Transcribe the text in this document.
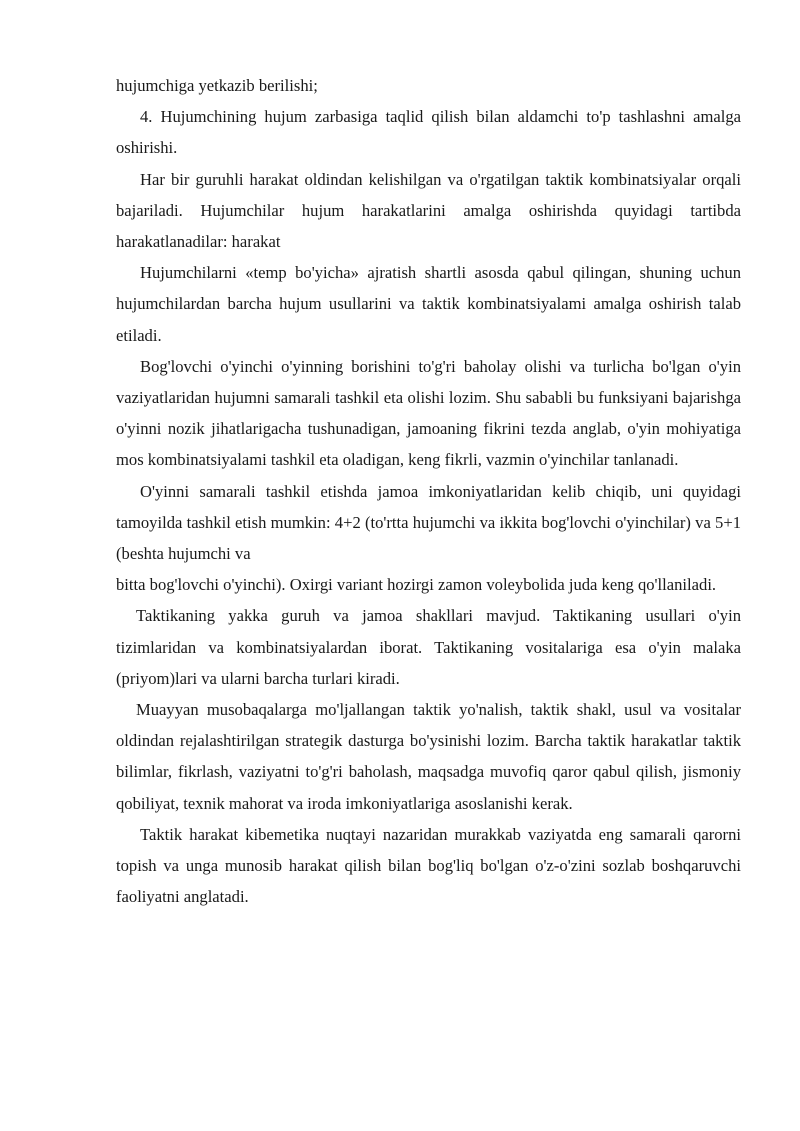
hujumchiga yetkazib berilishi;

4. Hujumchining hujum zarbasiga taqlid qilish bilan aldamchi to'p tashlashni amalga oshirishi.

Har bir guruhli harakat oldindan kelishilgan va o'rgatilgan taktik kombinatsiyalar orqali bajariladi. Hujumchilar hujum harakatlarini amalga oshirishda quyidagi tartibda harakatlanadilar: harakat

Hujumchilarni «temp bo'yicha» ajratish shartli asosda qabul qilingan, shuning uchun hujumchilardan barcha hujum usullarini va taktik kombinatsiyalami amalga oshirish talab etiladi.

Bog'lovchi o'yinchi o'yinning borishini to'g'ri baholay olishi va turlicha bo'lgan o'yin vaziyatlaridan hujumni samarali tashkil eta olishi lozim. Shu sababli bu funksiyani bajarishga o'yinni nozik jihatlarigacha tushunadigan, jamoaning fikrini tezda anglab, o'yin mohiyatiga mos kombinatsiyalami tashkil eta oladigan, keng fikrli, vazmin o'yinchilar tanlanadi.

O'yinni samarali tashkil etishda jamoa imkoniyatlaridan kelib chiqib, uni quyidagi tamoyilda tashkil etish mumkin: 4+2 (to'rtta hujumchi va ikkita bog'lovchi o'yinchilar) va 5+1 (beshta hujumchi va

bitta bog'lovchi o'yinchi). Oxirgi variant hozirgi zamon voleybolida juda keng qo'llaniladi.

Taktikaning yakka guruh va jamoa shakllari mavjud. Taktikaning usullari o'yin tizimlaridan va kombinatsiyalardan iborat. Taktikaning vositalariga esa o'yin malaka (priyom)lari va ularni barcha turlari kiradi.

Muayyan musobaqalarga mo'ljallangan taktik yo'nalish, taktik shakl, usul va vositalar oldindan rejalashtirilgan strategik dasturga bo'ysinishi lozim. Barcha taktik harakatlar taktik bilimlar, fikrlash, vaziyatni to'g'ri baholash, maqsadga muvofiq qaror qabul qilish, jismoniy qobiliyat, texnik mahorat va iroda imkoniyatlariga asoslanishi kerak.

Taktik harakat kibemetika nuqtayi nazaridan murakkab vaziyatda eng samarali qarorni topish va unga munosib harakat qilish bilan bog'liq bo'lgan o'z-o'zini sozlab boshqaruvchi faoliyatni anglatadi.
